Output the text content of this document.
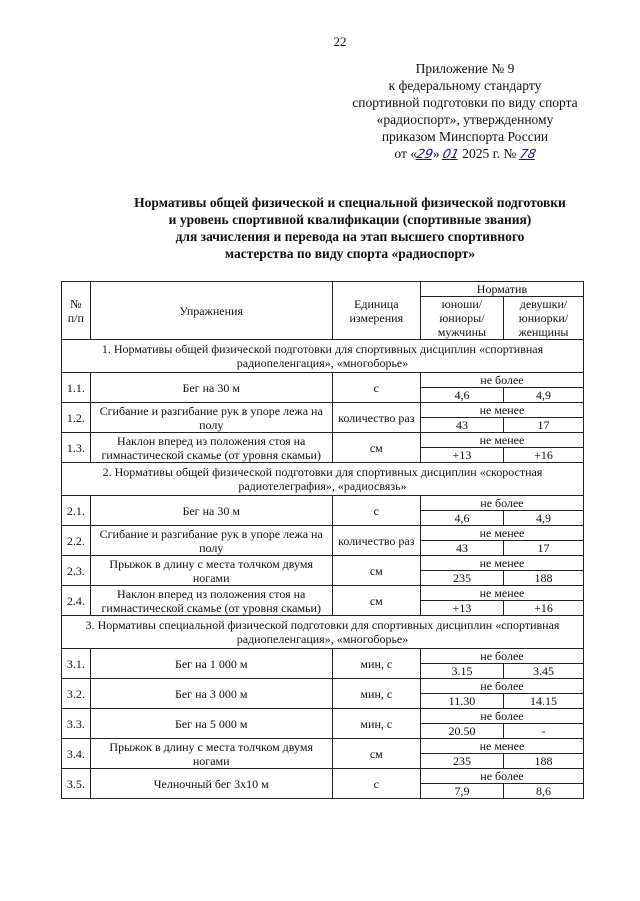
22
Приложение № 9
к федеральному стандарту
спортивной подготовки по виду спорта
«радиоспорт», утвержденному
приказом Минспорта России
от «29» 01 2025 г. № 78
Нормативы общей физической и специальной физической подготовки
и уровень спортивной квалификации (спортивные звания)
для зачисления и перевода на этап высшего спортивного
мастерства по виду спорта «радиоспорт»
№ п/п	Упражнения	Единица измерения	Норматив	
			юноши/ юниоры/ мужчины	девушки/ юниорки/ женщины
1. Нормативы общей физической подготовки для спортивных дисциплин «спортивная радиопеленгация», «многоборье»				
1.1.	Бег на 30 м	с	не более	
			4,6	4,9
1.2.	Сгибание и разгибание рук в упоре лежа на полу	количество раз	не менее	
			43	17
1.3.	Наклон вперед из положения стоя на гимнастической скамье (от уровня скамьи)	см	не менее	
			+13	+16
2. Нормативы общей физической подготовки для спортивных дисциплин «скоростная радиотелеграфия», «радиосвязь»				
2.1.	Бег на 30 м	с	не более	
			4,6	4,9
2.2.	Сгибание и разгибание рук в упоре лежа на полу	количество раз	не менее	
			43	17
2.3.	Прыжок в длину с места толчком двумя ногами	см	не менее	
			235	188
2.4.	Наклон вперед из положения стоя на гимнастической скамье (от уровня скамьи)	см	не менее	
			+13	+16
3. Нормативы специальной физической подготовки для спортивных дисциплин «спортивная радиопеленгация», «многоборье»				
3.1.	Бег на 1 000 м	мин, с	не более	
			3.15	3.45
3.2.	Бег на 3 000 м	мин, с	не более	
			11.30	14.15
3.3.	Бег на 5 000 м	мин, с	не более	
			20.50	-
3.4.	Прыжок в длину с места толчком двумя ногами	см	не менее	
			235	188
3.5.	Челночный бег 3х10 м	с	не более	
			7,9	8,6
